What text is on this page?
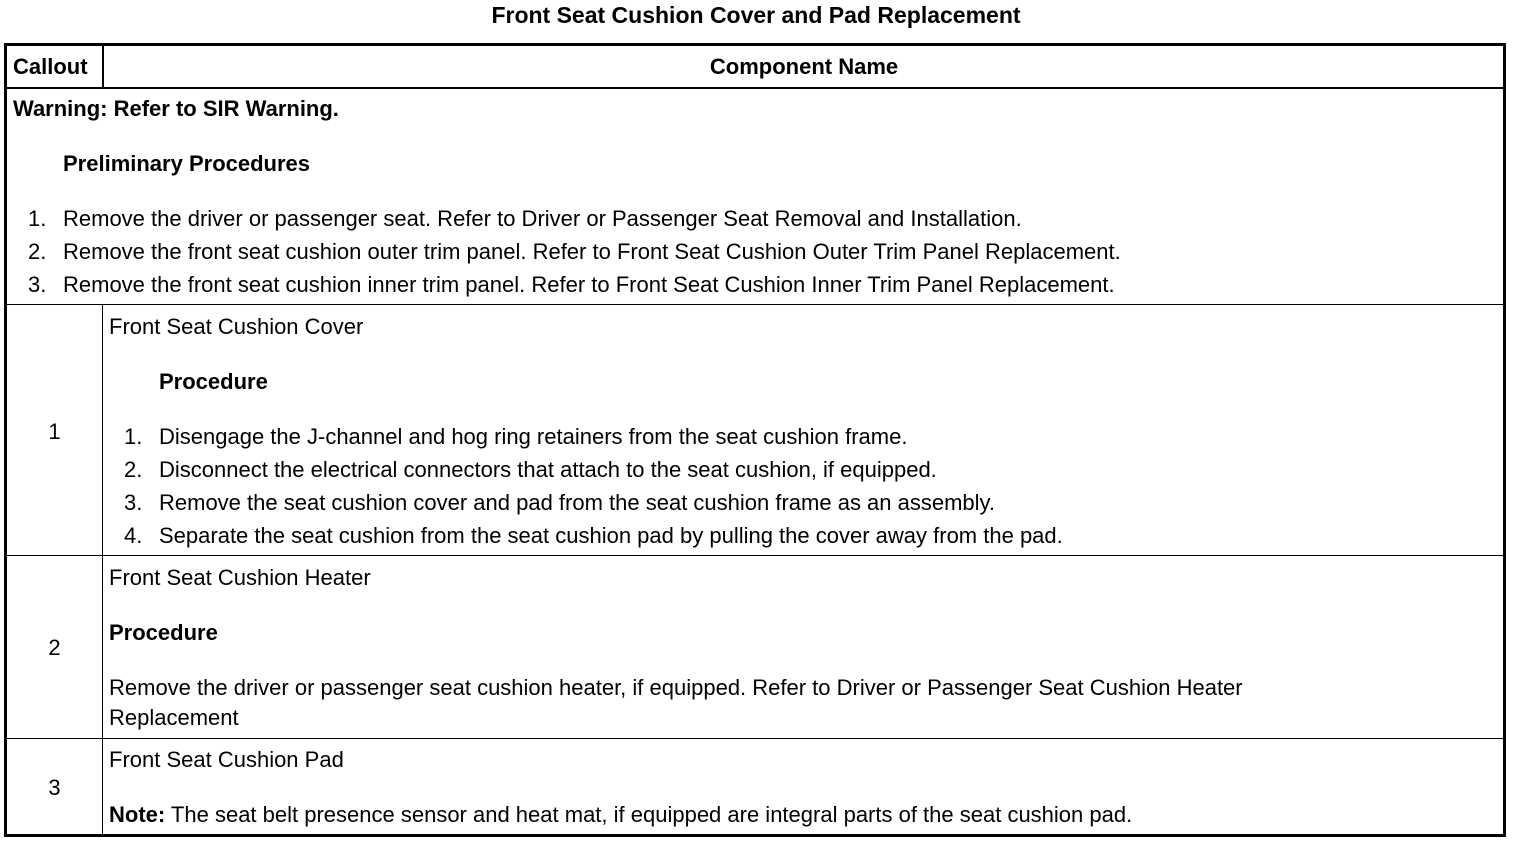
Front Seat Cushion Cover and Pad Replacement
Callout	Component Name
Warning: Refer to SIR Warning.
Preliminary Procedures
1. Remove the driver or passenger seat. Refer to Driver or Passenger Seat Removal and Installation.
2. Remove the front seat cushion outer trim panel. Refer to Front Seat Cushion Outer Trim Panel Replacement.
3. Remove the front seat cushion inner trim panel. Refer to Front Seat Cushion Inner Trim Panel Replacement.
1
Front Seat Cushion Cover
Procedure
1. Disengage the J-channel and hog ring retainers from the seat cushion frame.
2. Disconnect the electrical connectors that attach to the seat cushion, if equipped.
3. Remove the seat cushion cover and pad from the seat cushion frame as an assembly.
4. Separate the seat cushion from the seat cushion pad by pulling the cover away from the pad.
2
Front Seat Cushion Heater
Procedure
Remove the driver or passenger seat cushion heater, if equipped. Refer to Driver or Passenger Seat Cushion Heater
Replacement
3
Front Seat Cushion Pad
Note: The seat belt presence sensor and heat mat, if equipped are integral parts of the seat cushion pad.
